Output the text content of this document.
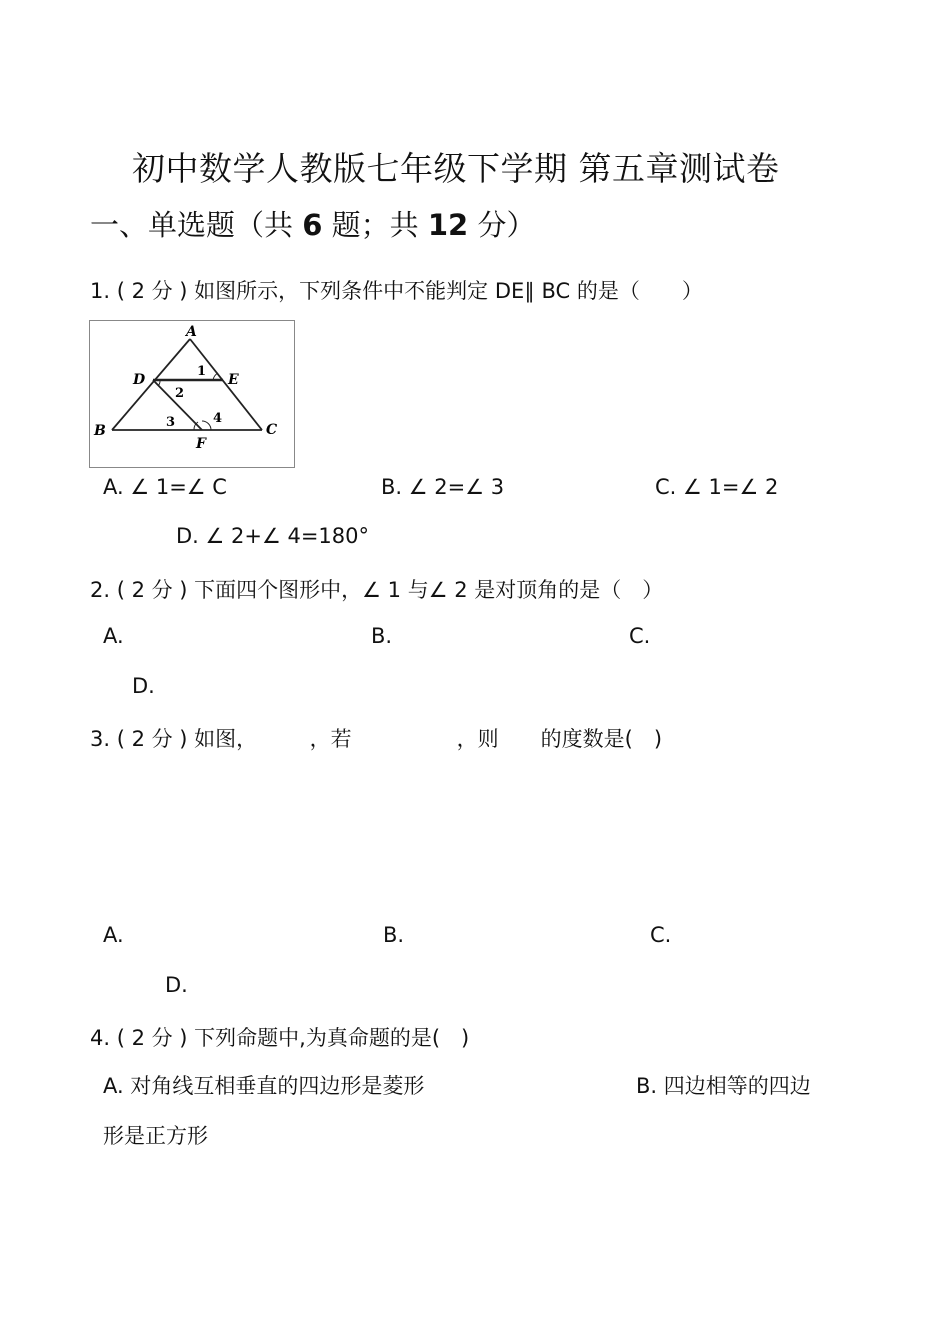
初中数学人教版七年级下学期 第五章测试卷
一、单选题（共 6 题；共 12 分）
1. ( 2 分 ) 如图所示，下列条件中不能判定 DE∥ BC 的是（　　）
A
D	E
B	C
F
1
2
3	4
A. ∠ 1=∠ C	B. ∠ 2=∠ 3	C. ∠ 1=∠ 2
D. ∠ 2+∠ 4=180°
2. ( 2 分 ) 下面四个图形中，∠ 1 与∠ 2 是对顶角的是（　）
A.	B.	C.
D.
3. ( 2 分 ) 如图，　　　，若　　　　　，则　　的度数是(　)
A.	B.	C.
D.
4. ( 2 分 ) 下列命题中,为真命题的是(　)
A. 对角线互相垂直的四边形是菱形	B. 四边相等的四边
形是正方形
